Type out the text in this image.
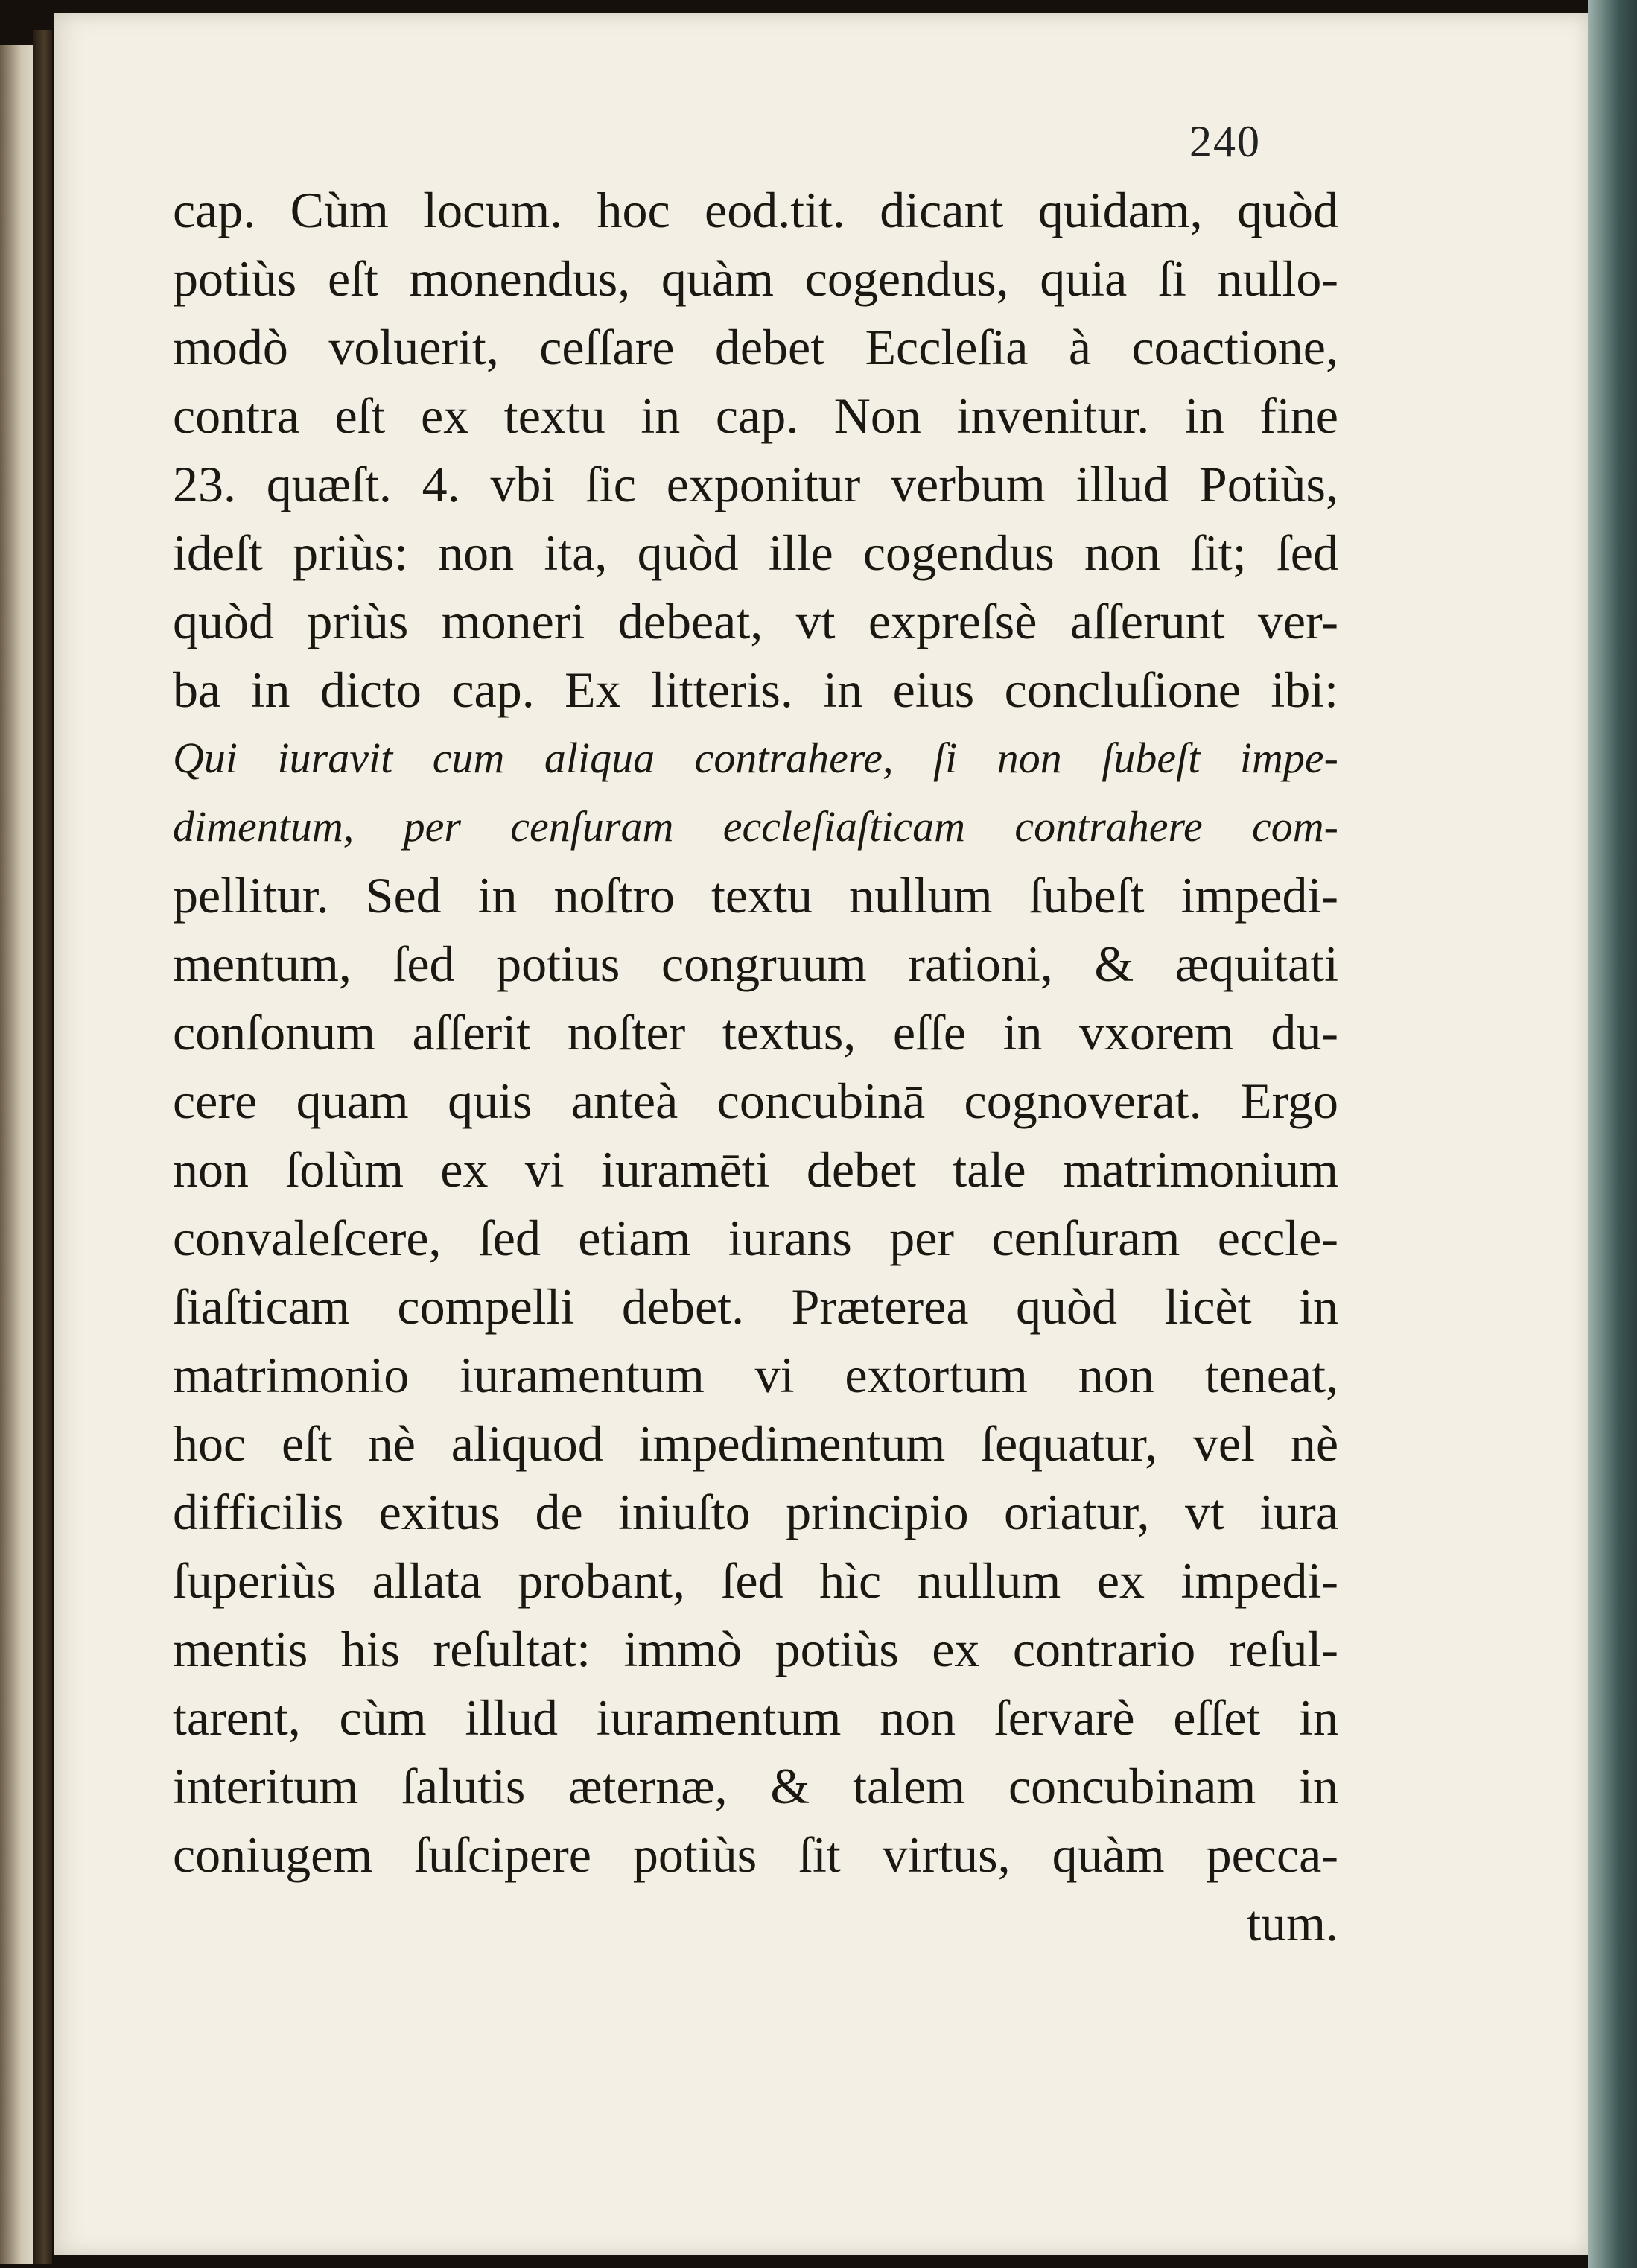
240
cap. Cùm locum. hoc eod.tit. dicant quidam, quòd
potiùs eſt monendus, quàm cogendus, quia ſi nullo-
modò voluerit, ceſſare debet Eccleſia à coactione,
contra eſt ex textu in cap. Non invenitur. in fine
23. quæſt. 4. vbi ſic exponitur verbum illud Potiùs,
ideſt priùs: non ita, quòd ille cogendus non ſit; ſed
quòd priùs moneri debeat, vt expreſsè aſſerunt ver-
ba in dicto cap. Ex litteris. in eius concluſione ibi:
Qui iuravit cum aliqua contrahere, ſi non ſubeſt impe-
dimentum, per cenſuram eccleſiaſticam contrahere com-
pellitur. Sed in noſtro textu nullum ſubeſt impedi-
mentum, ſed potius congruum rationi, & æquitati
conſonum aſſerit noſter textus, eſſe in vxorem du-
cere quam quis anteà concubinā cognoverat. Ergo
non ſolùm ex vi iuramēti debet tale matrimonium
convaleſcere, ſed etiam iurans per cenſuram eccle-
ſiaſticam compelli debet. Præterea quòd licèt in
matrimonio iuramentum vi extortum non teneat,
hoc eſt nè aliquod impedimentum ſequatur, vel nè
difficilis exitus de iniuſto principio oriatur, vt iura
ſuperiùs allata probant, ſed hìc nullum ex impedi-
mentis his reſultat: immò potiùs ex contrario reſul-
tarent, cùm illud iuramentum non ſervarè eſſet in
interitum ſalutis æternæ, & talem concubinam in
coniugem ſuſcipere potiùs ſit virtus, quàm pecca-
tum.
